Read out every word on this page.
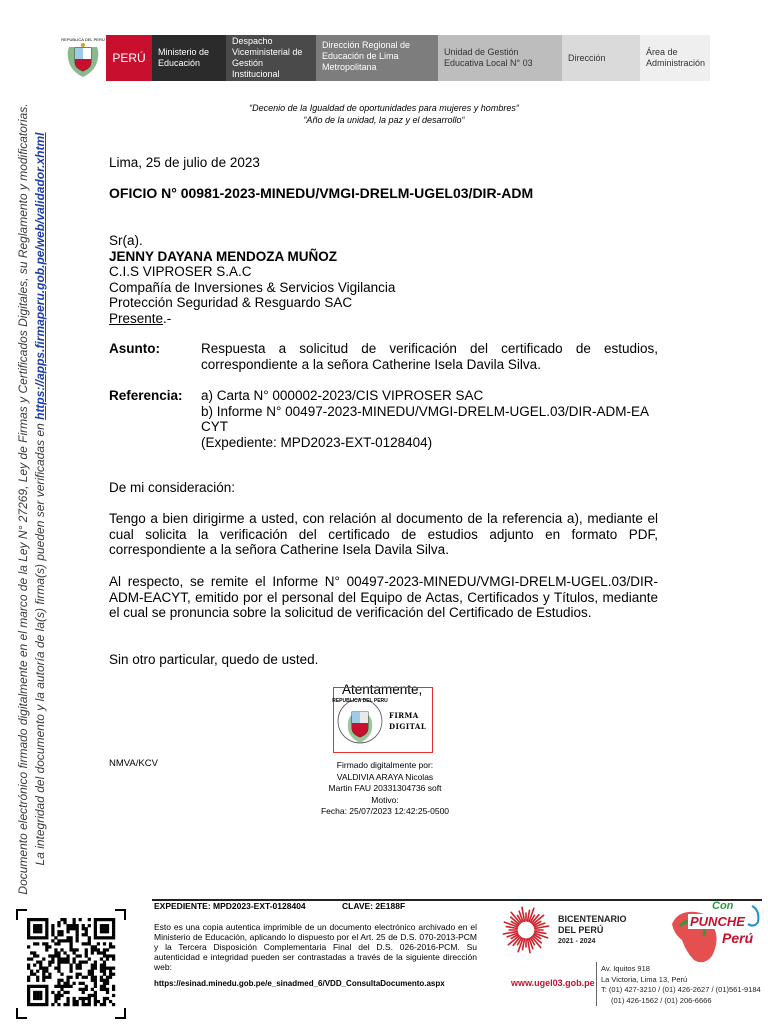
REPUBLICA DEL PERU
PERÚ	Ministerio de Educación
Despacho Viceministerial de Gestión Institucional
Dirección Regional de Educación de Lima Metropolitana
Unidad de Gestión Educativa Local N° 03
Dirección
Área de Administración
“Decenio de la Igualdad de oportunidades para mujeres y hombres“
“Año de la unidad, la paz y el desarrollo“
Documento electrónico firmado digitalmente en el marco de la Ley N° 27269, Ley de Firmas y Certificados Digitales, su Reglamento y modificatorias. La integridad del documento y la autoría de la(s) firma(s) pueden ser verificadas en https://apps.firmaperu.gob.pe/web/validador.xhtml	Lima, 25 de julio de 2023
OFICIO N° 00981-2023-MINEDU/VMGI-DRELM-UGEL03/DIR-ADM
Sr(a).
JENNY DAYANA MENDOZA MUÑOZ
C.I.S VIPROSER S.A.C
Compañía de Inversiones & Servicios Vigilancia
Protección Seguridad & Resguardo SAC
Presente.-
Asunto:	Respuesta a solicitud de verificación del certificado de estudios, correspondiente a la señora Catherine Isela Davila Silva.
Referencia: a) Carta N° 000002-2023/CIS VIPROSER SAC
b) Informe N° 00497-2023-MINEDU/VMGI-DRELM-UGEL.03/DIR-ADM-EACYT
(Expediente: MPD2023-EXT-0128404)
De mi consideración:
Tengo a bien dirigirme a usted, con relación al documento de la referencia a), mediante el cual solicita la verificación del certificado de estudios adjunto en formato PDF, correspondiente a la señora Catherine Isela Davila Silva.
Al respecto, se remite el Informe N° 00497-2023-MINEDU/VMGI-DRELM-UGEL.03/DIR-ADM-EACYT, emitido por el personal del Equipo de Actas, Certificados y Títulos, mediante el cual se pronuncia sobre la solicitud de verificación del Certificado de Estudios.
Sin otro particular, quedo de usted.
Atentamente,
REPUBLICA DEL PERU
FIRMA
DIGITAL
NMVA/KCV	Firmado digitalmente por:
VALDIVIA ARAYA Nicolas
Martin FAU 20331304736 soft
Motivo:
Fecha: 25/07/2023 12:42:25-0500
EXPEDIENTE: MPD2023-EXT-0128404	CLAVE: 2E188F
Esto es una copia autentica imprimible de un documento electrónico archivado en el Ministerio de Educación, aplicando lo dispuesto por el Art. 25 de D.S. 070-2013-PCM y la Tercera Disposición Complementaria Final del D.S. 026-2016-PCM. Su autenticidad e integridad pueden ser contrastadas a través de la siguiente dirección web:
https://esinad.minedu.gob.pe/e_sinadmed_6/VDD_ConsultaDocumento.aspx
BICENTENARIO
DEL PERÚ
2021 - 2024
Con
PUNCHE
Perú
www.ugel03.gob.pe
Av. Iquitos 918
La Victoria, Lima 13, Perú
T: (01) 427-3210 / (01) 426-2627 / (01)561-9184
(01) 426-1562 / (01) 206-6666
